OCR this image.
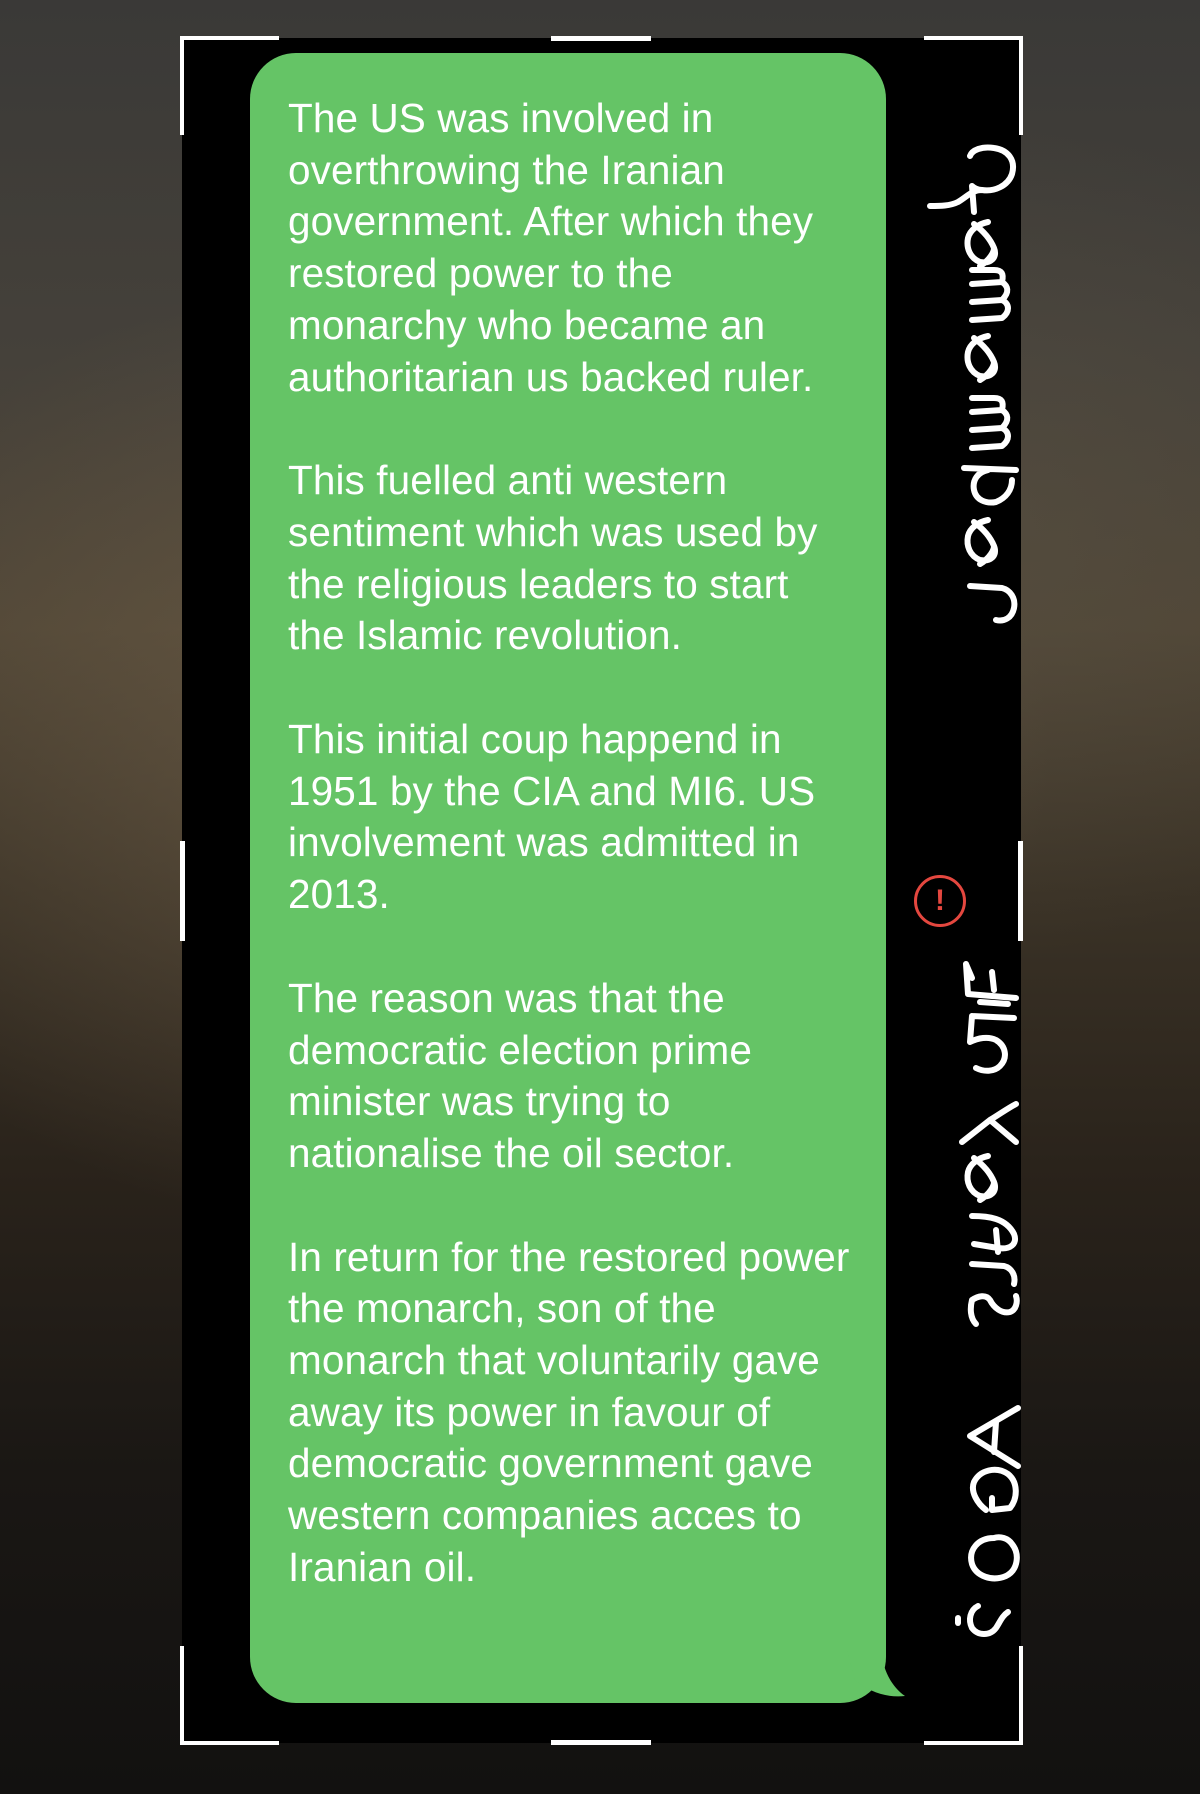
The US was involved in overthrowing the Iranian government. After which they restored power to the monarchy who became an authoritarian us backed ruler.

This fuelled anti western sentiment which was used by the religious leaders to start the Islamic revolution.

This initial coup happend in 1951 by the CIA and MI6. US involvement was admitted in 2013.

The reason was that the democratic election prime minister was trying to nationalise the oil sector.

In return for the restored power the monarch, son of the monarch that voluntarily gave away its power in favour of democratic government gave western companies acces to Iranian oil.

!
